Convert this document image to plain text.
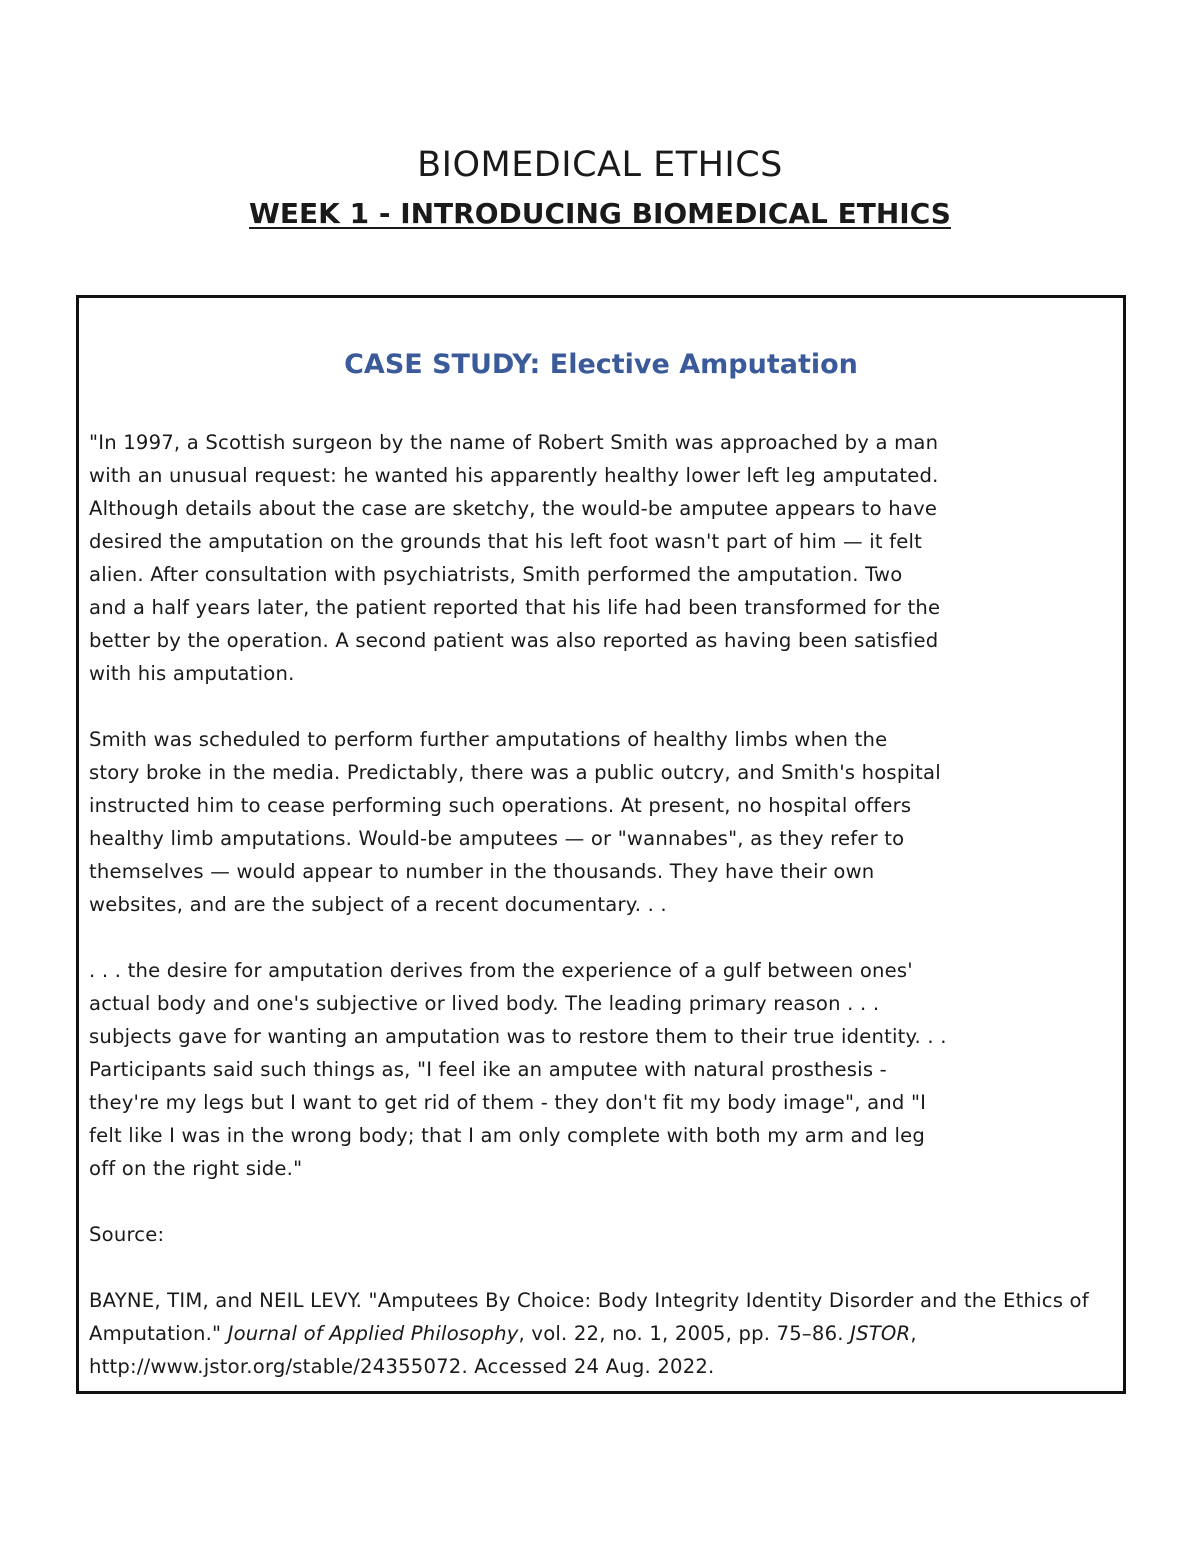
BIOMEDICAL ETHICS
WEEK 1 - INTRODUCING BIOMEDICAL ETHICS
CASE STUDY: Elective Amputation

"In 1997, a Scottish surgeon by the name of Robert Smith was approached by a man
with an unusual request: he wanted his apparently healthy lower left leg amputated.
Although details about the case are sketchy, the would-be amputee appears to have
desired the amputation on the grounds that his left foot wasn't part of him — it felt
alien. After consultation with psychiatrists, Smith performed the amputation. Two
and a half years later, the patient reported that his life had been transformed for the
better by the operation. A second patient was also reported as having been satisfied
with his amputation.

Smith was scheduled to perform further amputations of healthy limbs when the
story broke in the media. Predictably, there was a public outcry, and Smith's hospital
instructed him to cease performing such operations. At present, no hospital offers
healthy limb amputations. Would-be amputees — or "wannabes", as they refer to
themselves — would appear to number in the thousands. They have their own
websites, and are the subject of a recent documentary. . .

. . . the desire for amputation derives from the experience of a gulf between ones'
actual body and one's subjective or lived body. The leading primary reason . . .
subjects gave for wanting an amputation was to restore them to their true identity. . .
Participants said such things as, "I feel ike an amputee with natural prosthesis -
they're my legs but I want to get rid of them - they don't fit my body image", and "I
felt like I was in the wrong body; that I am only complete with both my arm and leg
off on the right side."

Source:

BAYNE, TIM, and NEIL LEVY. "Amputees By Choice: Body Integrity Identity Disorder and the Ethics of Amputation." Journal of Applied Philosophy, vol. 22, no. 1, 2005, pp. 75–86. JSTOR, http://www.jstor.org/stable/24355072. Accessed 24 Aug. 2022.
